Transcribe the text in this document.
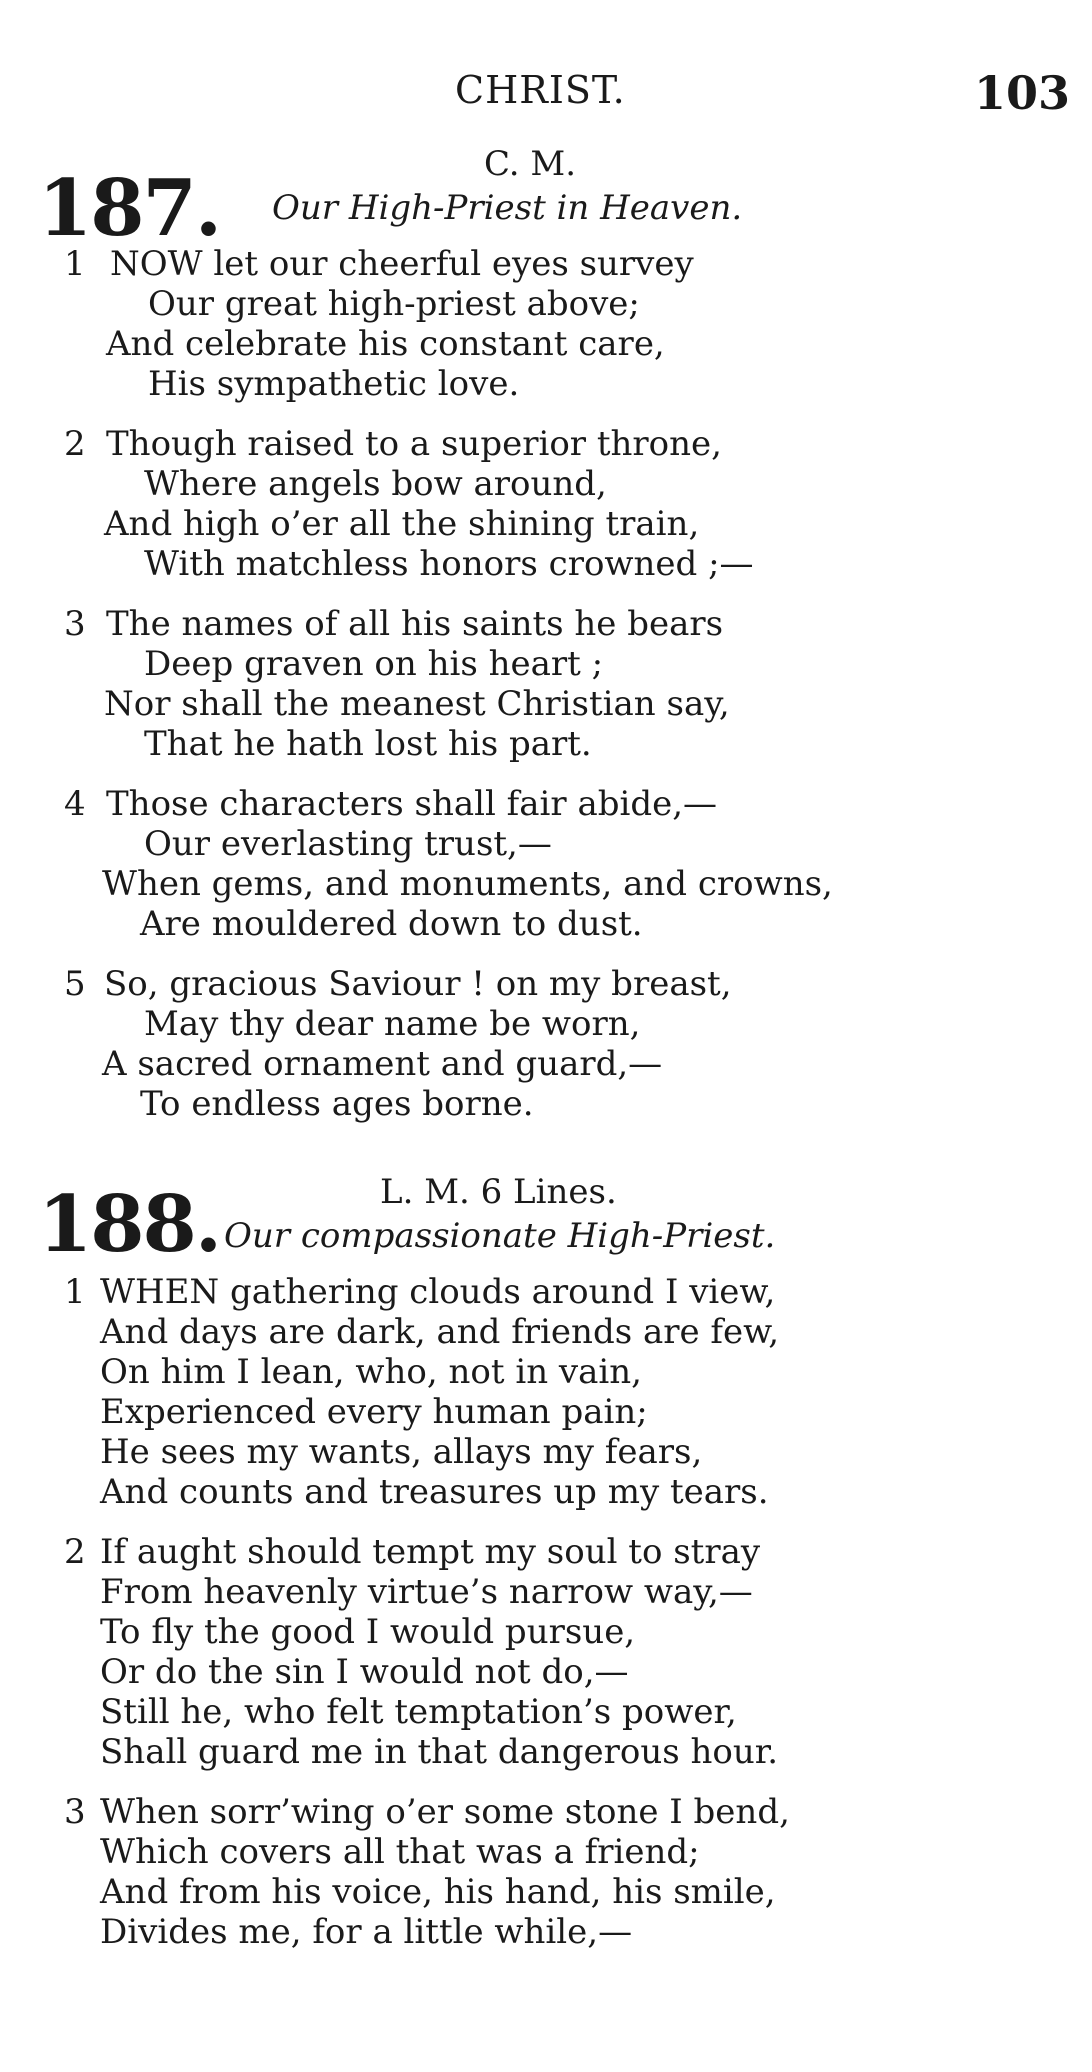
CHRIST.	103
187.	C. M.
Our High-Priest in Heaven.
1 NOW let our cheerful eyes survey
Our great high-priest above;
And celebrate his constant care,
His sympathetic love.
2 Though raised to a superior throne,
Where angels bow around,
And high o’er all the shining train,
With matchless honors crowned ;—
3 The names of all his saints he bears
Deep graven on his heart ;
Nor shall the meanest Christian say,
That he hath lost his part.
4 Those characters shall fair abide,—
Our everlasting trust,—
When gems, and monuments, and crowns,
Are mouldered down to dust.
5 So, gracious Saviour ! on my breast,
May thy dear name be worn,
A sacred ornament and guard,—
To endless ages borne.
188.	L. M. 6 Lines.
Our compassionate High-Priest.
1 WHEN gathering clouds around I view,
And days are dark, and friends are few,
On him I lean, who, not in vain,
Experienced every human pain;
He sees my wants, allays my fears,
And counts and treasures up my tears.
2 If aught should tempt my soul to stray
From heavenly virtue’s narrow way,—
To fly the good I would pursue,
Or do the sin I would not do,—
Still he, who felt temptation’s power,
Shall guard me in that dangerous hour.
3 When sorr’wing o’er some stone I bend,
Which covers all that was a friend;
And from his voice, his hand, his smile,
Divides me, for a little while,—
